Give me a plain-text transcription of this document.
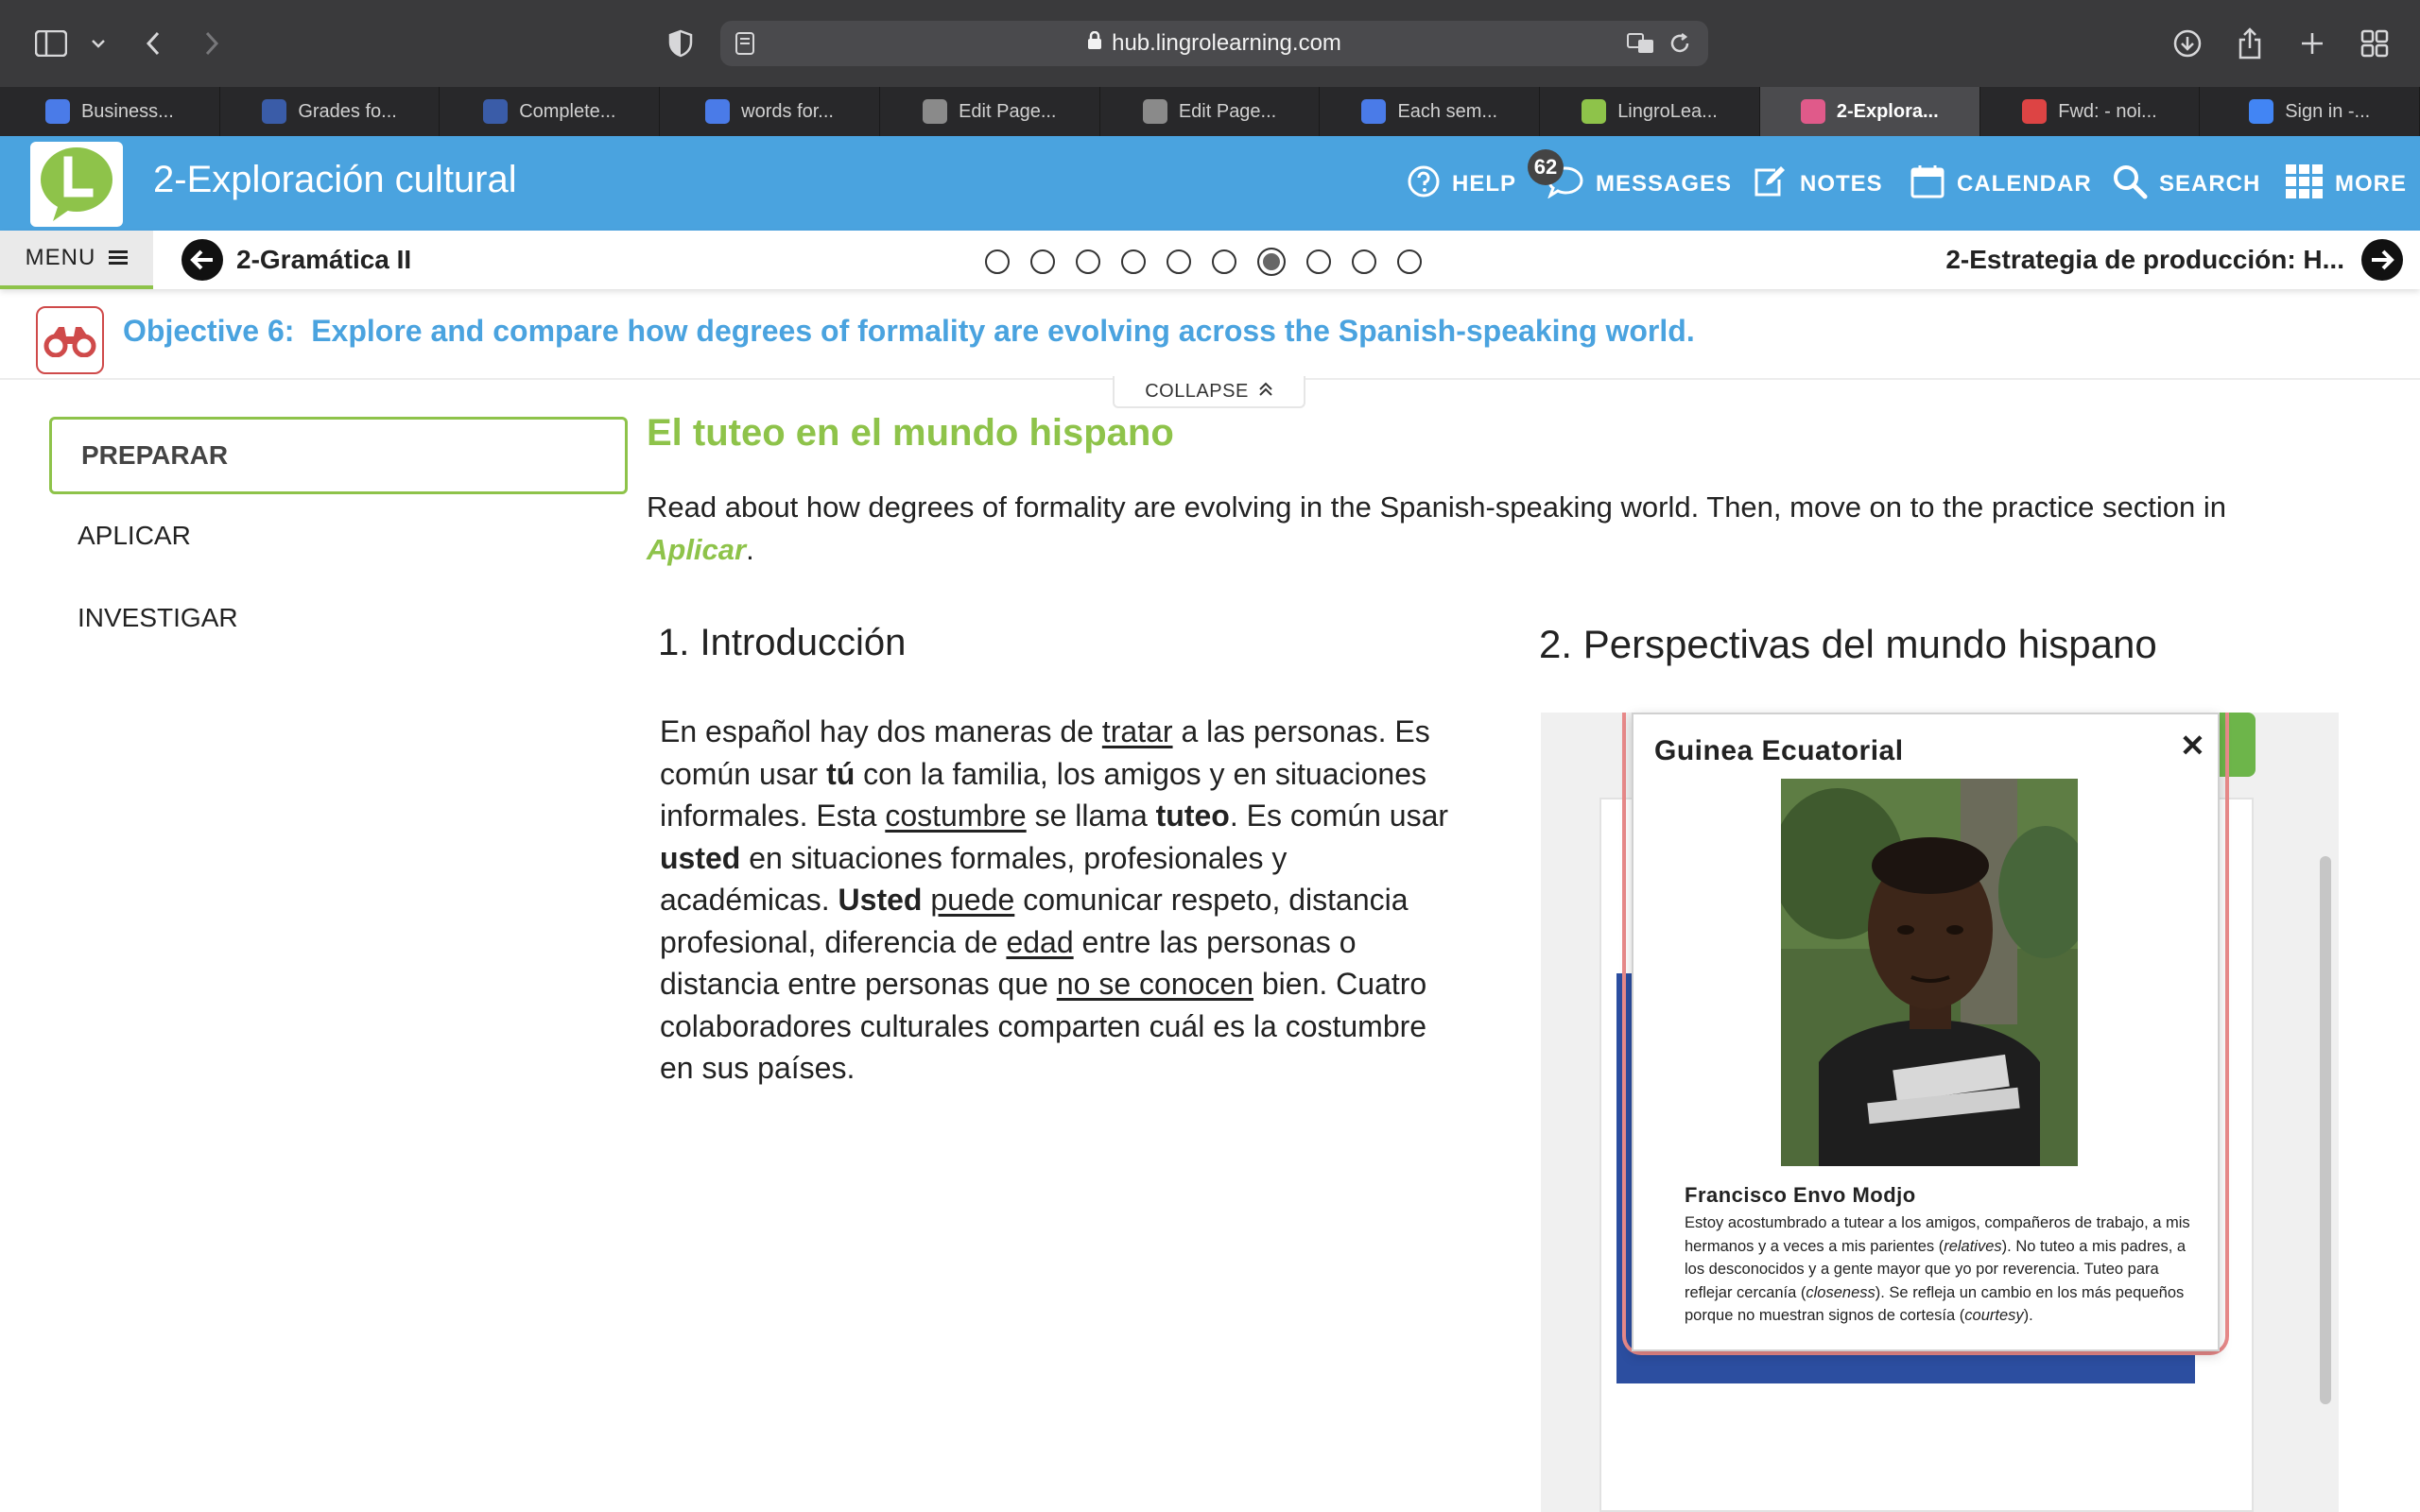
hub.lingrolearning.com
Business...	Grades fo...	Complete...	words for...	Edit Page...	Edit Page...	Each sem...	LingroLea...	2-Explora...	Fwd: - noi...	Sign in -...
2-Exploración cultural	HELP	MESSAGES
62
NOTES	CALENDAR	SEARCH	MORE
MENU	2-Gramática II	2-Estrategia de producción: H...
Objective 6: Explore and compare how degrees of formality are evolving across the Spanish-speaking world.
COLLAPSE
PREPARAR
APLICAR
INVESTIGAR
El tuteo en el mundo hispano
Read about how degrees of formality are evolving in the Spanish-speaking world. Then, move on to the practice section in Aplicar.
1. Introducción
En español hay dos maneras de tratar a las personas. Es común usar tú con la familia, los amigos y en situaciones informales. Esta costumbre se llama tuteo. Es común usar usted en situaciones formales, profesionales y académicas. Usted puede comunicar respeto, distancia profesional, diferencia de edad entre las personas o distancia entre personas que no se conocen bien. Cuatro colaboradores culturales comparten cuál es la costumbre en sus países.
2. Perspectivas del mundo hispano
Guinea Ecuatorial	✕
Francisco Envo Modjo
Estoy acostumbrado a tutear a los amigos, compañeros de trabajo, a mis hermanos y a veces a mis parientes (relatives). No tuteo a mis padres, a los desconocidos y a gente mayor que yo por reverencia. Tuteo para reflejar cercanía (closeness). Se refleja un cambio en los más pequeños porque no muestran signos de cortesía (courtesy).
